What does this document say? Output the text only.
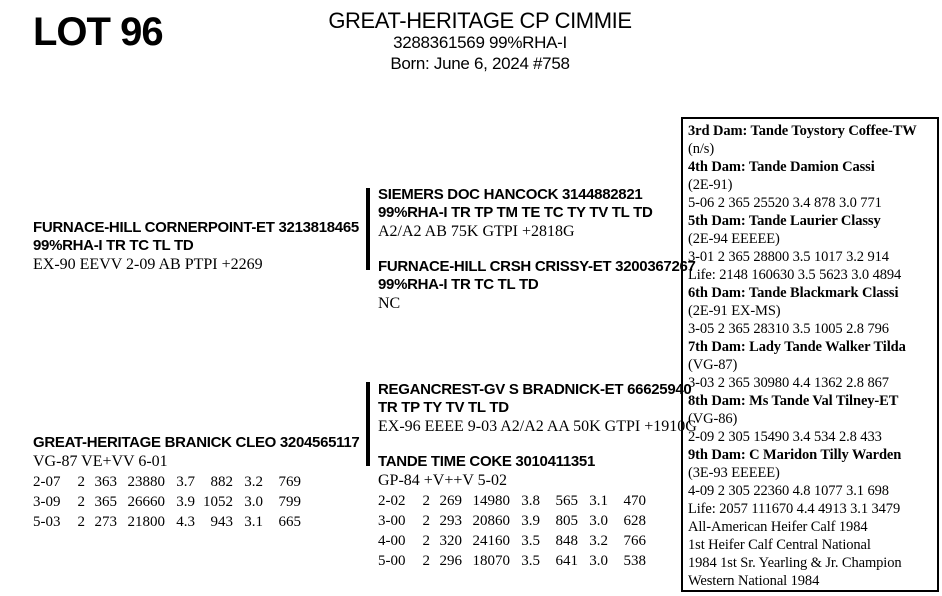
LOT 96	GREAT-HERITAGE CP CIMMIE
3288361569 99%RHA-I
Born: June 6, 2024 #758
FURNACE-HILL CORNERPOINT-ET 3213818465
99%RHA-I TR TC TL TD
EX-90 EEVV 2-09 AB PTPI +2269
SIEMERS DOC HANCOCK 3144882821
99%RHA-I TR TP TM TE TC TY TV TL TD
A2/A2 AB 75K GTPI +2818G
FURNACE-HILL CRSH CRISSY-ET 3200367267
99%RHA-I TR TC TL TD
NC
GREAT-HERITAGE BRANICK CLEO 3204565117
VG-87 VE+VV 6-01
2-07	2 363 23880 3.7	882 3.2	769
3-09	2 365 26660 3.9 1052 3.0	799
5-03	2 273 21800 4.3	943 3.1	665
REGANCREST-GV S BRADNICK-ET 66625940
TR TP TY TV TL TD
EX-96 EEEE 9-03 A2/A2 AA 50K GTPI +1910G
TANDE TIME COKE 3010411351
GP-84 +V++V 5-02
2-02	2 269 14980 3.8	565 3.1	470
3-00	2 293 20860 3.9	805 3.0	628
4-00	2 320 24160 3.5	848 3.2	766
5-00	2 296 18070 3.5	641 3.0	538
3rd Dam: Tande Toystory Coffee-TW
(n/s)
4th Dam: Tande Damion Cassi
(2E-91)
5-06 2 365 25520 3.4 878 3.0 771
5th Dam: Tande Laurier Classy
(2E-94 EEEEE)
3-01 2 365 28800 3.5 1017 3.2 914
Life: 2148 160630 3.5 5623 3.0 4894
6th Dam: Tande Blackmark Classi
(2E-91 EX-MS)
3-05 2 365 28310 3.5 1005 2.8 796
7th Dam: Lady Tande Walker Tilda
(VG-87)
3-03 2 365 30980 4.4 1362 2.8 867
8th Dam: Ms Tande Val Tilney-ET
(VG-86)
2-09 2 305 15490 3.4 534 2.8 433
9th Dam: C Maridon Tilly Warden
(3E-93 EEEEE)
4-09 2 305 22360 4.8 1077 3.1 698
Life: 2057 111670 4.4 4913 3.1 3479
All-American Heifer Calf 1984
1st Heifer Calf Central National
1984 1st Sr. Yearling & Jr. Champion
Western National 1984
